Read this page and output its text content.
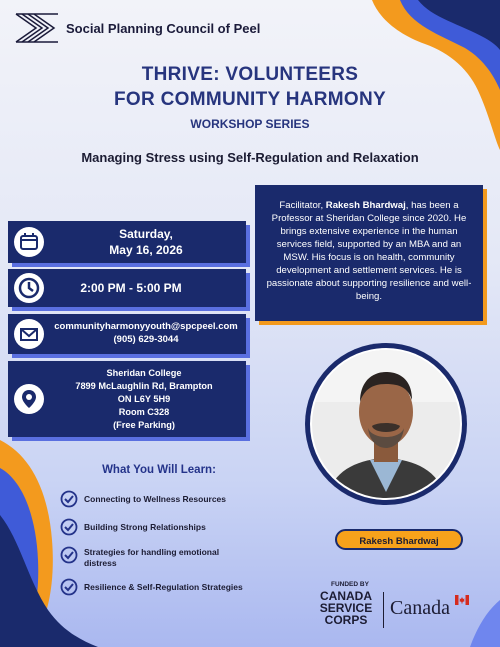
Social Planning Council of Peel
THRIVE: VOLUNTEERS
FOR COMMUNITY HARMONY
WORKSHOP SERIES
Managing Stress using Self-Regulation and Relaxation
Saturday,
May 16, 2026
2:00 PM - 5:00 PM
communityharmonyyouth@spcpeel.com
(905) 629-3044
Sheridan College
7899 McLaughlin Rd, Brampton
ON L6Y 5H9
Room C328
(Free Parking)
Facilitator, Rakesh Bhardwaj, has been a Professor at Sheridan College since 2020. He brings extensive experience in the human services field, supported by an MBA and an MSW. His focus is on health, community development and settlement services. He is passionate about supporting resilience and well-being.
Rakesh Bhardwaj
What You Will Learn:
Connecting to Wellness Resources
Building Strong Relationships
Strategies for handling emotional distress
Resilience & Self-Regulation Strategies	FUNDED BY
CANADA
SERVICE
CORPS
Canada
